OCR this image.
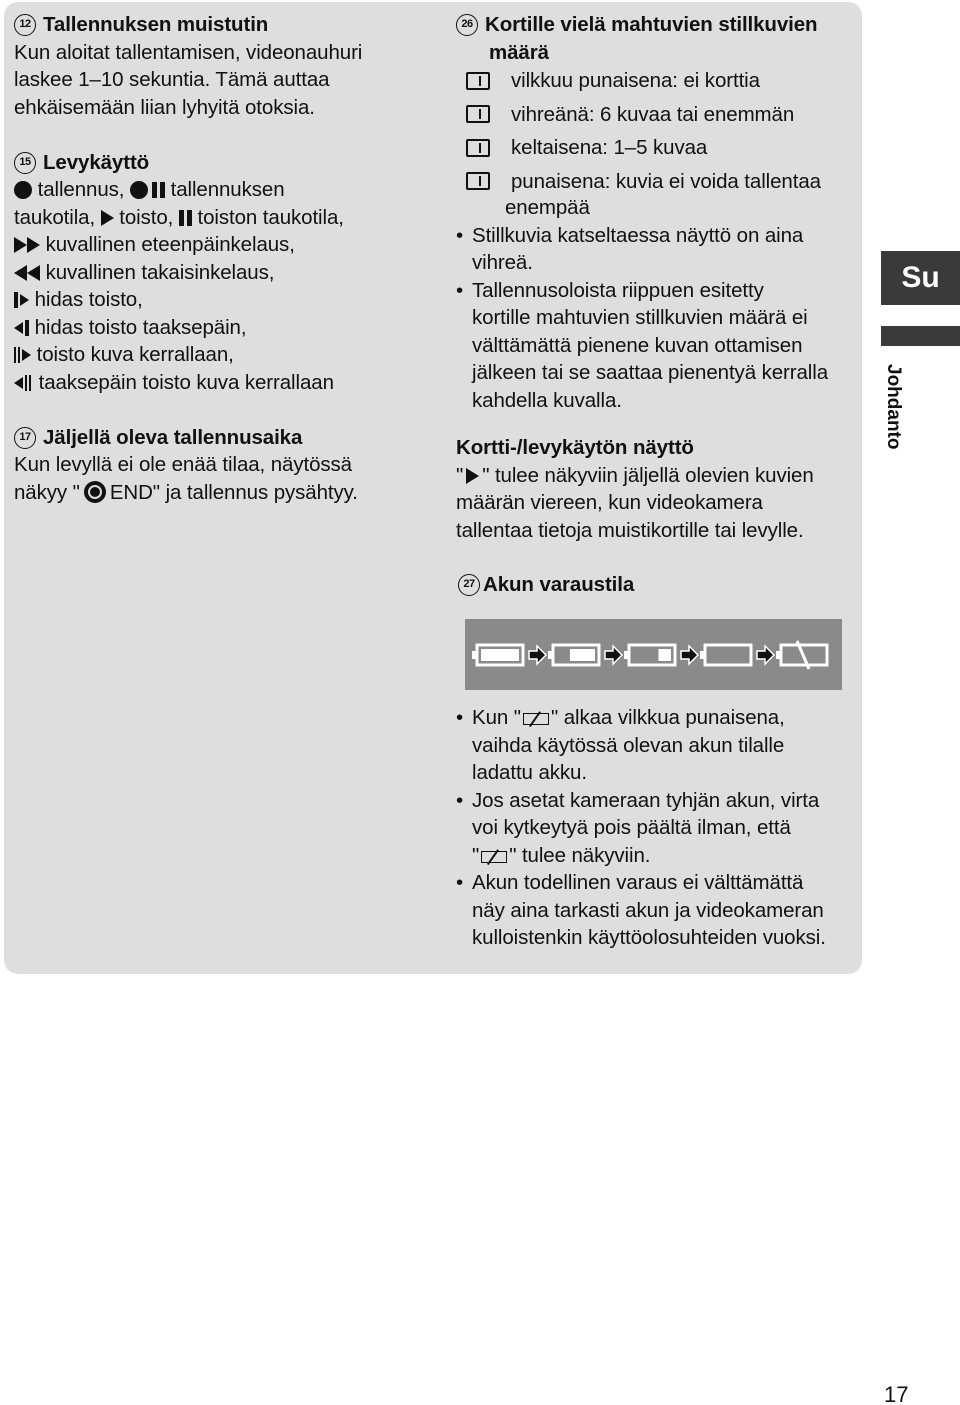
12 Tallennuksen muistutin
Kun aloitat tallentamisen, videonauhuri
laskee 1–10 sekuntia. Tämä auttaa
ehkäisemään liian lyhyitä otoksia.
15 Levykäyttö
tallennus, tallennuksen
taukotila, toisto, toiston taukotila,
kuvallinen eteenpäinkelaus,
kuvallinen takaisinkelaus,
hidas toisto,
hidas toisto taaksepäin,
toisto kuva kerrallaan,
taaksepäin toisto kuva kerrallaan
17 Jäljellä oleva tallennusaika
Kun levyllä ei ole enää tilaa, näytössä
näkyy " END" ja tallennus pysähtyy.
26 Kortille vielä mahtuvien stillkuvien
määrä
vilkkuu punaisena: ei korttia
vihreänä: 6 kuvaa tai enemmän
keltaisena: 1–5 kuvaa
punaisena: kuvia ei voida tallentaa
enempää
• Stillkuvia katseltaessa näyttö on aina
vihreä.
• Tallennusoloista riippuen esitetty
kortille mahtuvien stillkuvien määrä ei
välttämättä pienene kuvan ottamisen
jälkeen tai se saattaa pienentyä kerralla
kahdella kuvalla.
Kortti-/levykäytön näyttö
" " tulee näkyviin jäljellä olevien kuvien
määrän viereen, kun videokamera
tallentaa tietoja muistikortille tai levylle.
27 Akun varaustila
• Kun " " alkaa vilkkua punaisena,
vaihda käytössä olevan akun tilalle
ladattu akku.
• Jos asetat kameraan tyhjän akun, virta
voi kytkeytyä pois päältä ilman, että
" " tulee näkyviin.
• Akun todellinen varaus ei välttämättä
näy aina tarkasti akun ja videokameran
kulloistenkin käyttöolosuhteiden vuoksi.
Su
Johdanto
17
